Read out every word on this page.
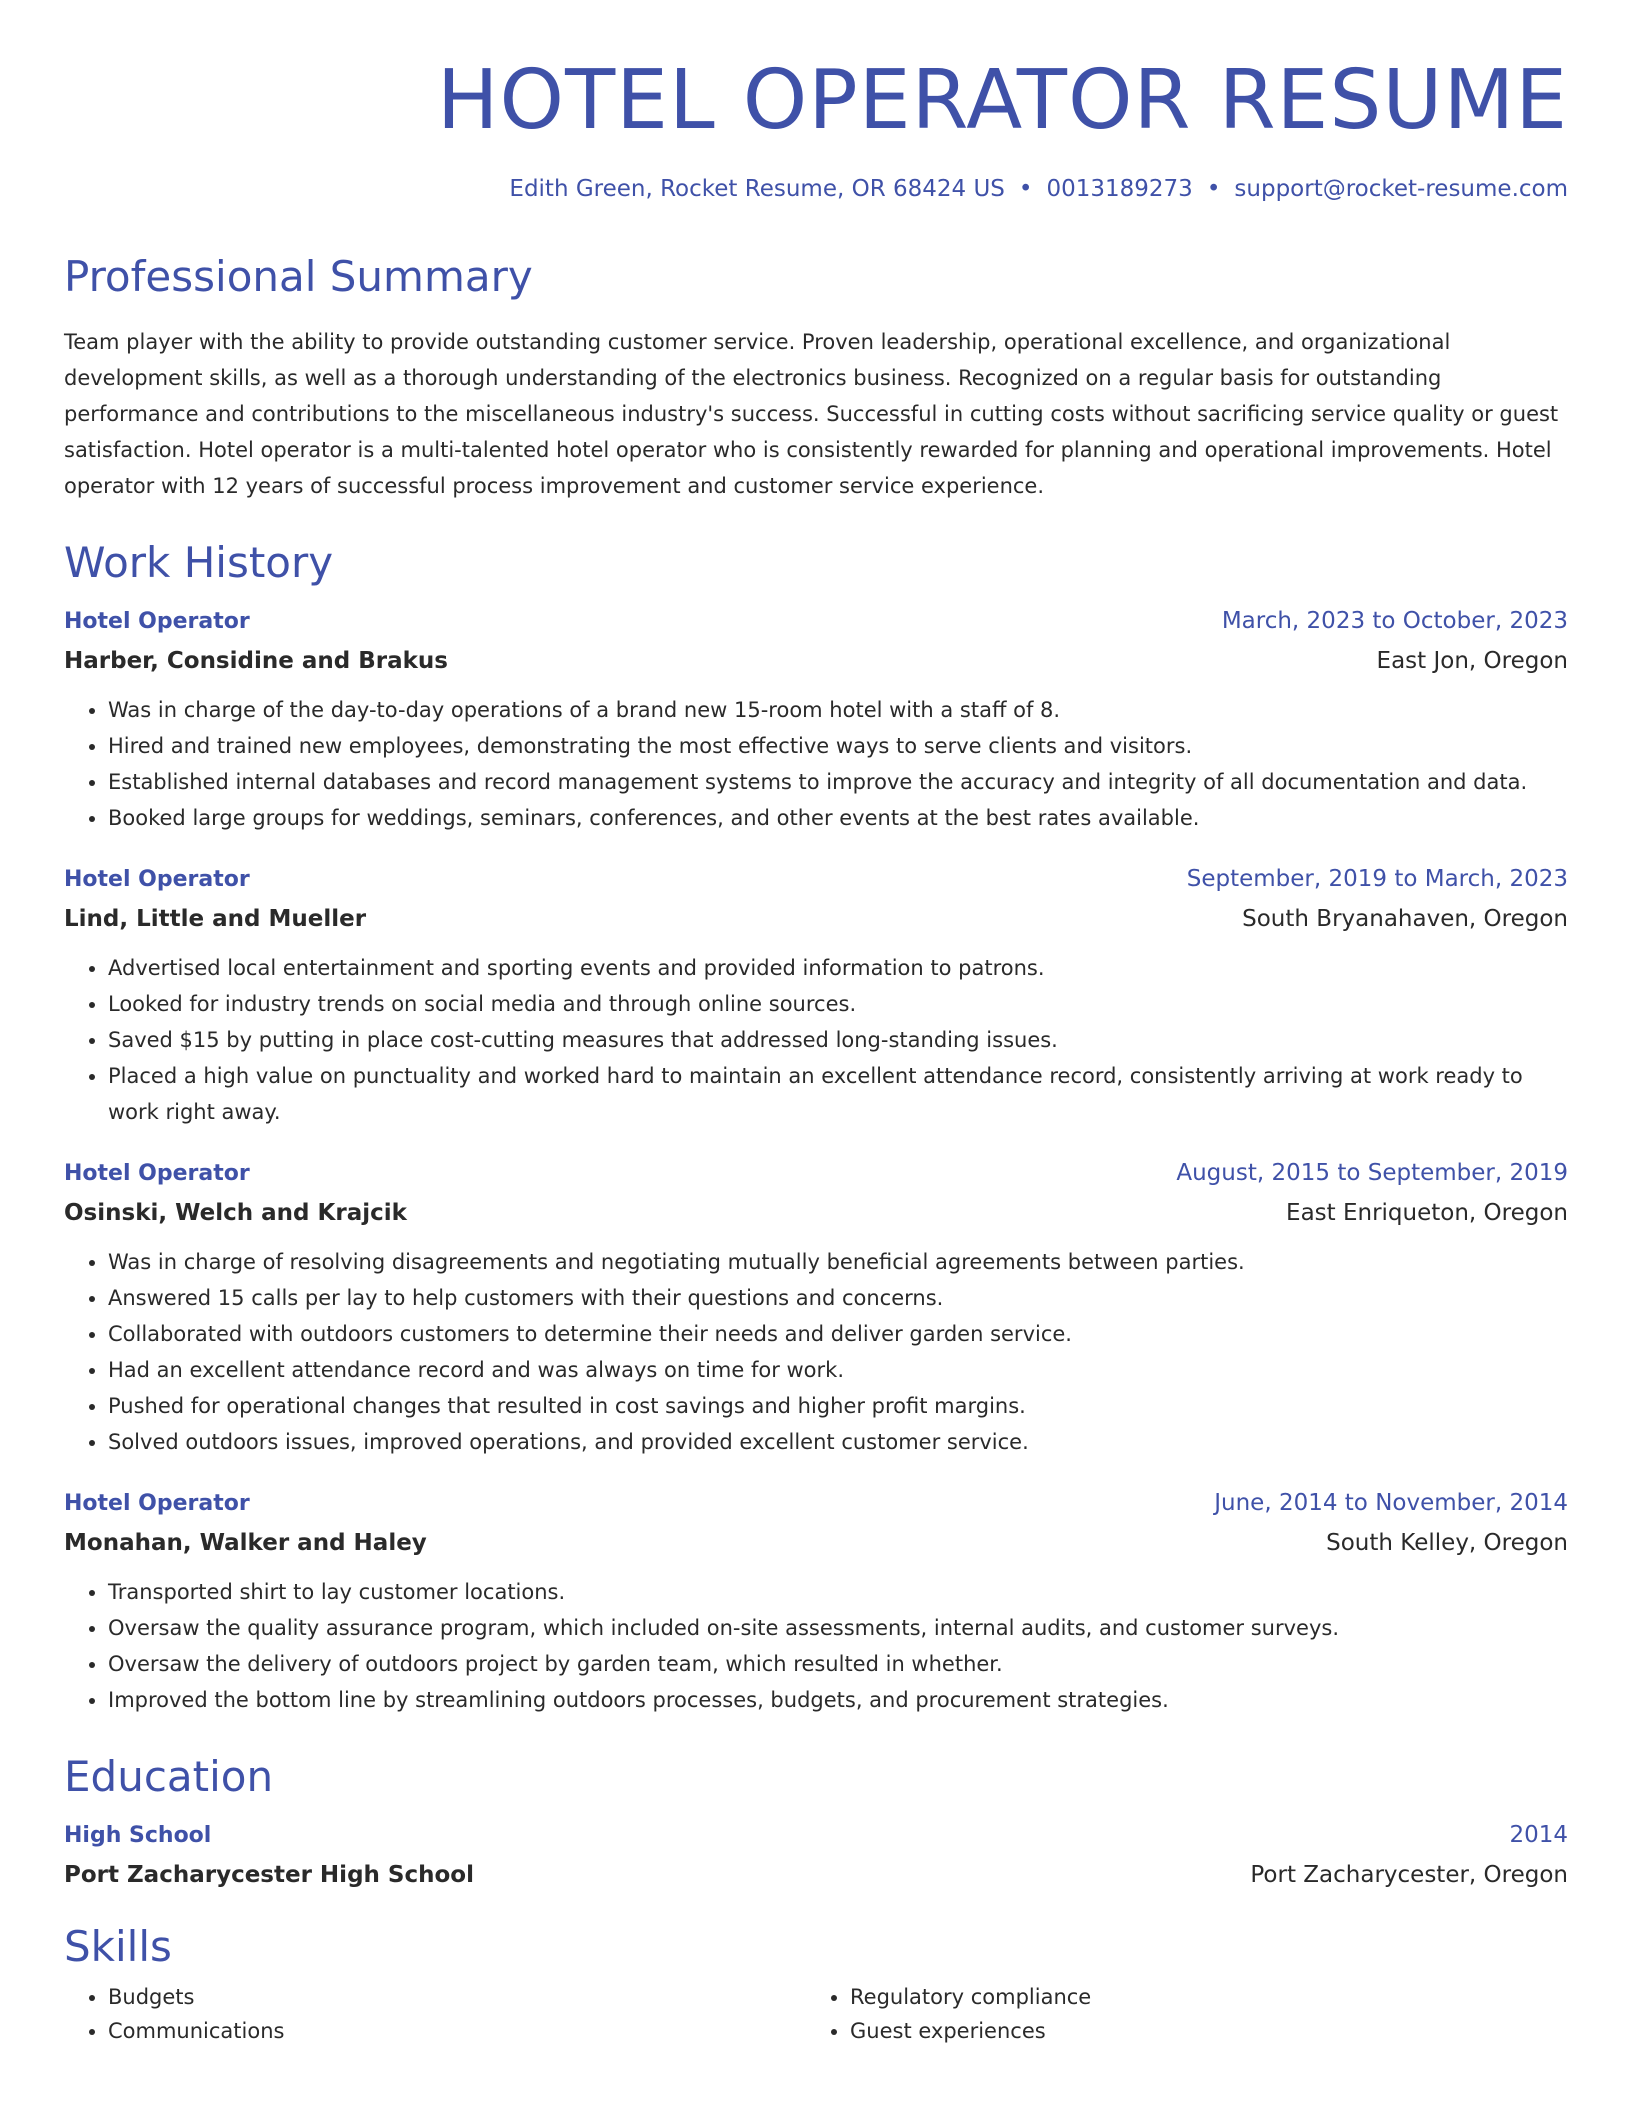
HOTEL OPERATOR RESUME
Edith Green, Rocket Resume, OR 68424 US • 0013189273 • support@rocket-resume.com
Professional Summary
Team player with the ability to provide outstanding customer service. Proven leadership, operational excellence, and organizational development skills, as well as a thorough understanding of the electronics business. Recognized on a regular basis for outstanding performance and contributions to the miscellaneous industry's success. Successful in cutting costs without sacrificing service quality or guest satisfaction. Hotel operator is a multi-talented hotel operator who is consistently rewarded for planning and operational improvements. Hotel operator with 12 years of successful process improvement and customer service experience.
Work History
Hotel Operator	March, 2023 to October, 2023
Harber, Considine and Brakus	East Jon, Oregon
• Was in charge of the day-to-day operations of a brand new 15-room hotel with a staff of 8.
• Hired and trained new employees, demonstrating the most effective ways to serve clients and visitors.
• Established internal databases and record management systems to improve the accuracy and integrity of all documentation and data.
• Booked large groups for weddings, seminars, conferences, and other events at the best rates available.
Hotel Operator	September, 2019 to March, 2023
Lind, Little and Mueller	South Bryanahaven, Oregon
• Advertised local entertainment and sporting events and provided information to patrons.
• Looked for industry trends on social media and through online sources.
• Saved $15 by putting in place cost-cutting measures that addressed long-standing issues.
• Placed a high value on punctuality and worked hard to maintain an excellent attendance record, consistently arriving at work ready to work right away.
Hotel Operator	August, 2015 to September, 2019
Osinski, Welch and Krajcik	East Enriqueton, Oregon
• Was in charge of resolving disagreements and negotiating mutually beneficial agreements between parties.
• Answered 15 calls per lay to help customers with their questions and concerns.
• Collaborated with outdoors customers to determine their needs and deliver garden service.
• Had an excellent attendance record and was always on time for work.
• Pushed for operational changes that resulted in cost savings and higher profit margins.
• Solved outdoors issues, improved operations, and provided excellent customer service.
Hotel Operator	June, 2014 to November, 2014
Monahan, Walker and Haley	South Kelley, Oregon
• Transported shirt to lay customer locations.
• Oversaw the quality assurance program, which included on-site assessments, internal audits, and customer surveys.
• Oversaw the delivery of outdoors project by garden team, which resulted in whether.
• Improved the bottom line by streamlining outdoors processes, budgets, and procurement strategies.
Education
High School	2014
Port Zacharycester High School	Port Zacharycester, Oregon
Skills
• Budgets
• Communications
• Regulatory compliance
• Guest experiences
